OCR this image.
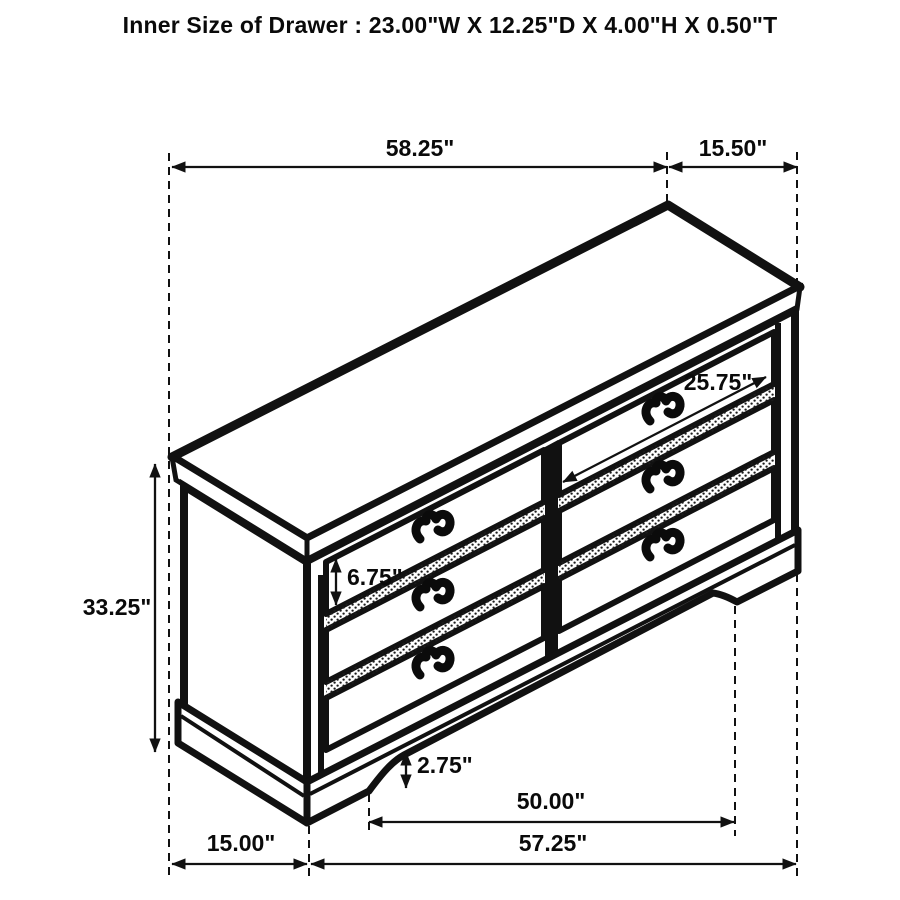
Inner Size of Drawer : 23.00"W X 12.25"D X 4.00"H X 0.50"T
58.25"	15.50"
25.75"
6.75"
33.25"
2.75"
50.00"
57.25"
15.00"
